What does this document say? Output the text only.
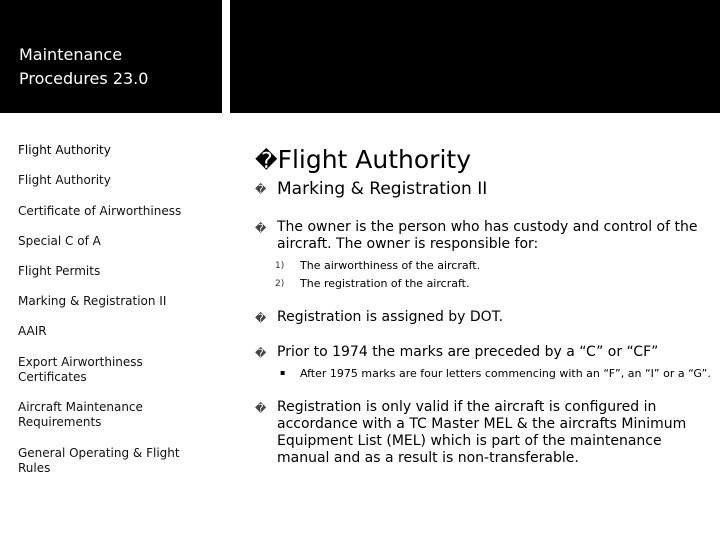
Maintenance
Procedures 23.0
Flight Authority
Flight Authority
Certificate of Airworthiness
Special C of A
Flight Permits
Marking & Registration II
AAIR
Export Airworthiness Certificates
Aircraft Maintenance Requirements
General Operating & Flight Rules
�Flight Authority
� Marking & Registration II
� The owner is the person who has custody and control of the aircraft. The owner is responsible for:
1) The airworthiness of the aircraft.
2) The registration of the aircraft.
� Registration is assigned by DOT.
� Prior to 1974 the marks are preceded by a “C” or “CF”
▪ After 1975 marks are four letters commencing with an “F”, an “I” or a “G”.
� Registration is only valid if the aircraft is configured in accordance with a TC Master MEL & the aircrafts Minimum Equipment List (MEL) which is part of the maintenance manual and as a result is non-transferable.
